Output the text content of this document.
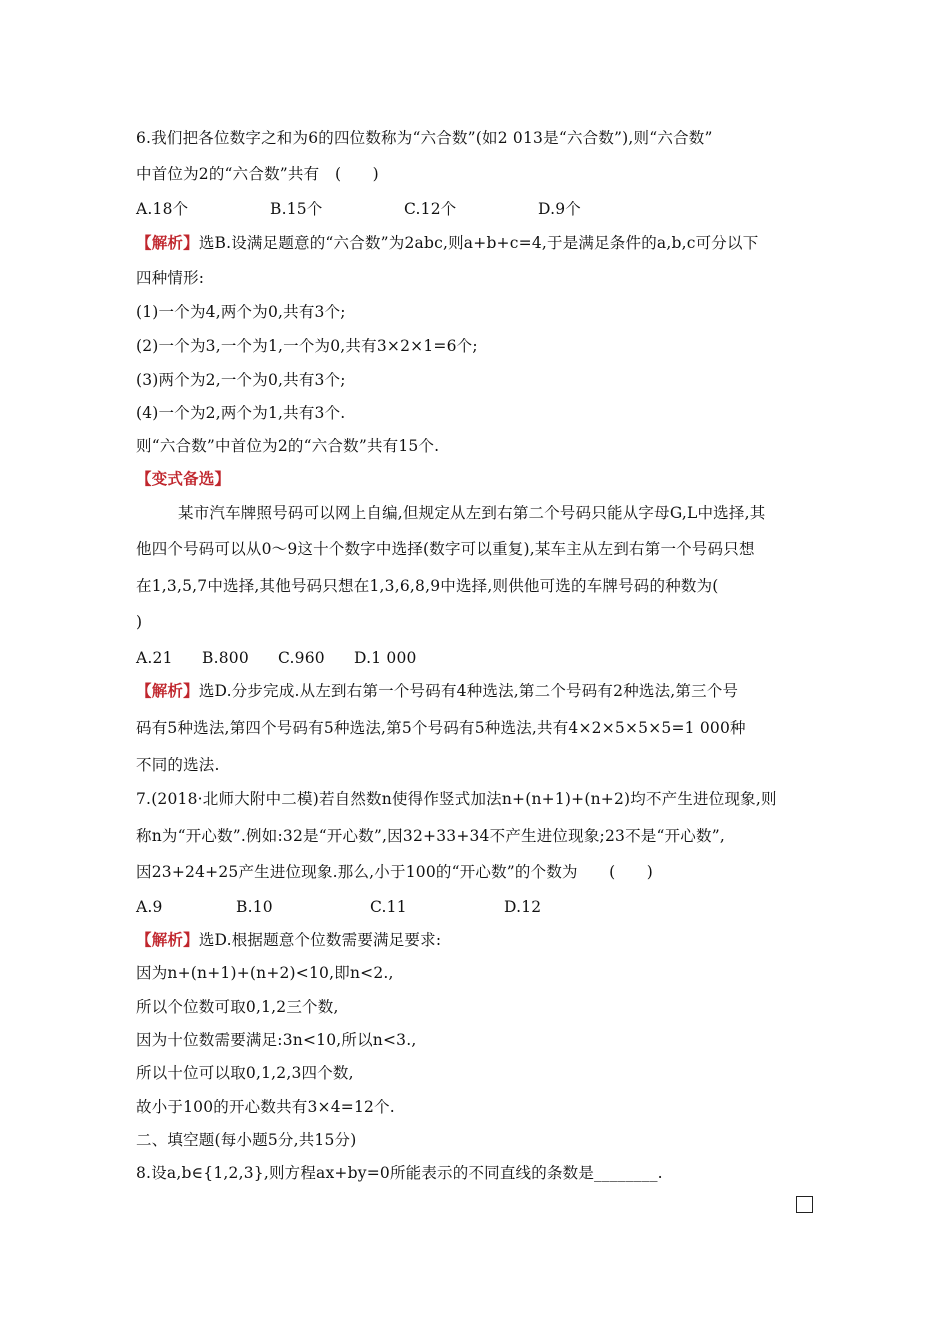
6.我们把各位数字之和为6的四位数称为“六合数”(如2 013是“六合数”),则“六合数”
中首位为2的“六合数”共有　(　　)
A.18个	B.15个	C.12个	D.9个
【解析】选B.设满足题意的“六合数”为2abc,则a+b+c=4,于是满足条件的a,b,c可分以下
四种情形:
(1)一个为4,两个为0,共有3个;
(2)一个为3,一个为1,一个为0,共有3×2×1=6个;
(3)两个为2,一个为0,共有3个;
(4)一个为2,两个为1,共有3个.
则“六合数”中首位为2的“六合数”共有15个.
【变式备选】
某市汽车牌照号码可以网上自编,但规定从左到右第二个号码只能从字母G,L中选择,其
他四个号码可以从0～9这十个数字中选择(数字可以重复),某车主从左到右第一个号码只想
在1,3,5,7中选择,其他号码只想在1,3,6,8,9中选择,则供他可选的车牌号码的种数为(
)
A.21 B.800 C.960 D.1 000
【解析】选D.分步完成.从左到右第一个号码有4种选法,第二个号码有2种选法,第三个号
码有5种选法,第四个号码有5种选法,第5个号码有5种选法,共有4×2×5×5×5=1 000种
不同的选法.
7.(2018·北师大附中二模)若自然数n使得作竖式加法n+(n+1)+(n+2)均不产生进位现象,则
称n为“开心数”.例如:32是“开心数”,因32+33+34不产生进位现象;23不是“开心数”,
因23+24+25产生进位现象.那么,小于100的“开心数”的个数为　　(　　)
A.9	B.10	C.11	D.12
【解析】选D.根据题意个位数需要满足要求:
因为n+(n+1)+(n+2)<10,即n<2.,
所以个位数可取0,1,2三个数,
因为十位数需要满足:3n<10,所以n<3.,
所以十位可以取0,1,2,3四个数,
故小于100的开心数共有3×4=12个.
二、填空题(每小题5分,共15分)
8.设a,b∈{1,2,3},则方程ax+by=0所能表示的不同直线的条数是________.
